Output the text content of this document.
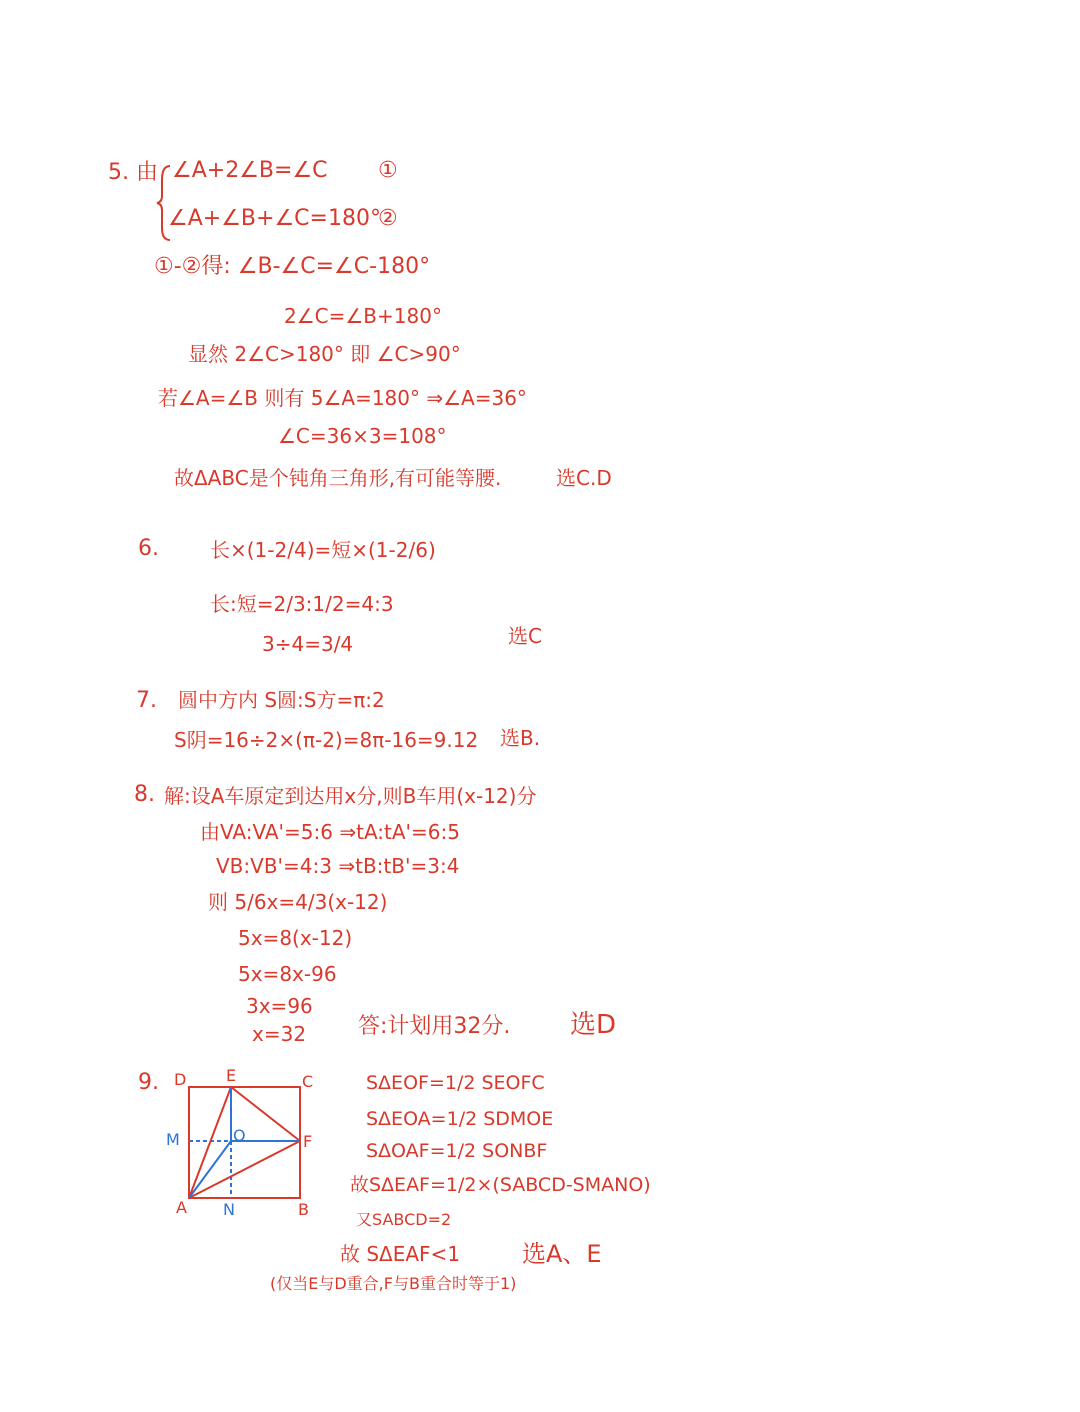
5. 由 ∠A+2∠B=∠C ①
∠A+∠B+∠C=180°
②
①-②得: ∠B-∠C=∠C-180°
2∠C=∠B+180°
显然 2∠C>180° 即 ∠C>90°
若∠A=∠B 则有 5∠A=180° ⇒∠A=36°
∠C=36×3=108°
故ΔABC是个钝角三角形,有可能等腰.	选C.D
6.	长×(1-2/4)=短×(1-2/6)
长:短=2/3:1/2=4:3
3÷4=3/4	选C
7. 圆中方内 S圆:S方=π:2
S阴=16÷2×(π-2)=8π-16=9.12 选B.
8. 解:设A车原定到达用x分,则B车用(x-12)分
由VA:VA'=5:6 ⇒tA:tA'=6:5
VB:VB'=4:3 ⇒tB:tB'=3:4
则 5/6x=4/3(x-12)
5x=8(x-12)
5x=8x-96
3x=96
x=32 答:计划用32分. 选D
9. D E	C
M	O	F
A N	B
SΔEOF=1/2 SEOFC
SΔEOA=1/2 SDMOE
SΔOAF=1/2 SONBF
故SΔEAF=1/2×(SABCD-SMANO)
又SABCD=2
故 SΔEAF<1	选A、E
(仅当E与D重合,F与B重合时等于1)
